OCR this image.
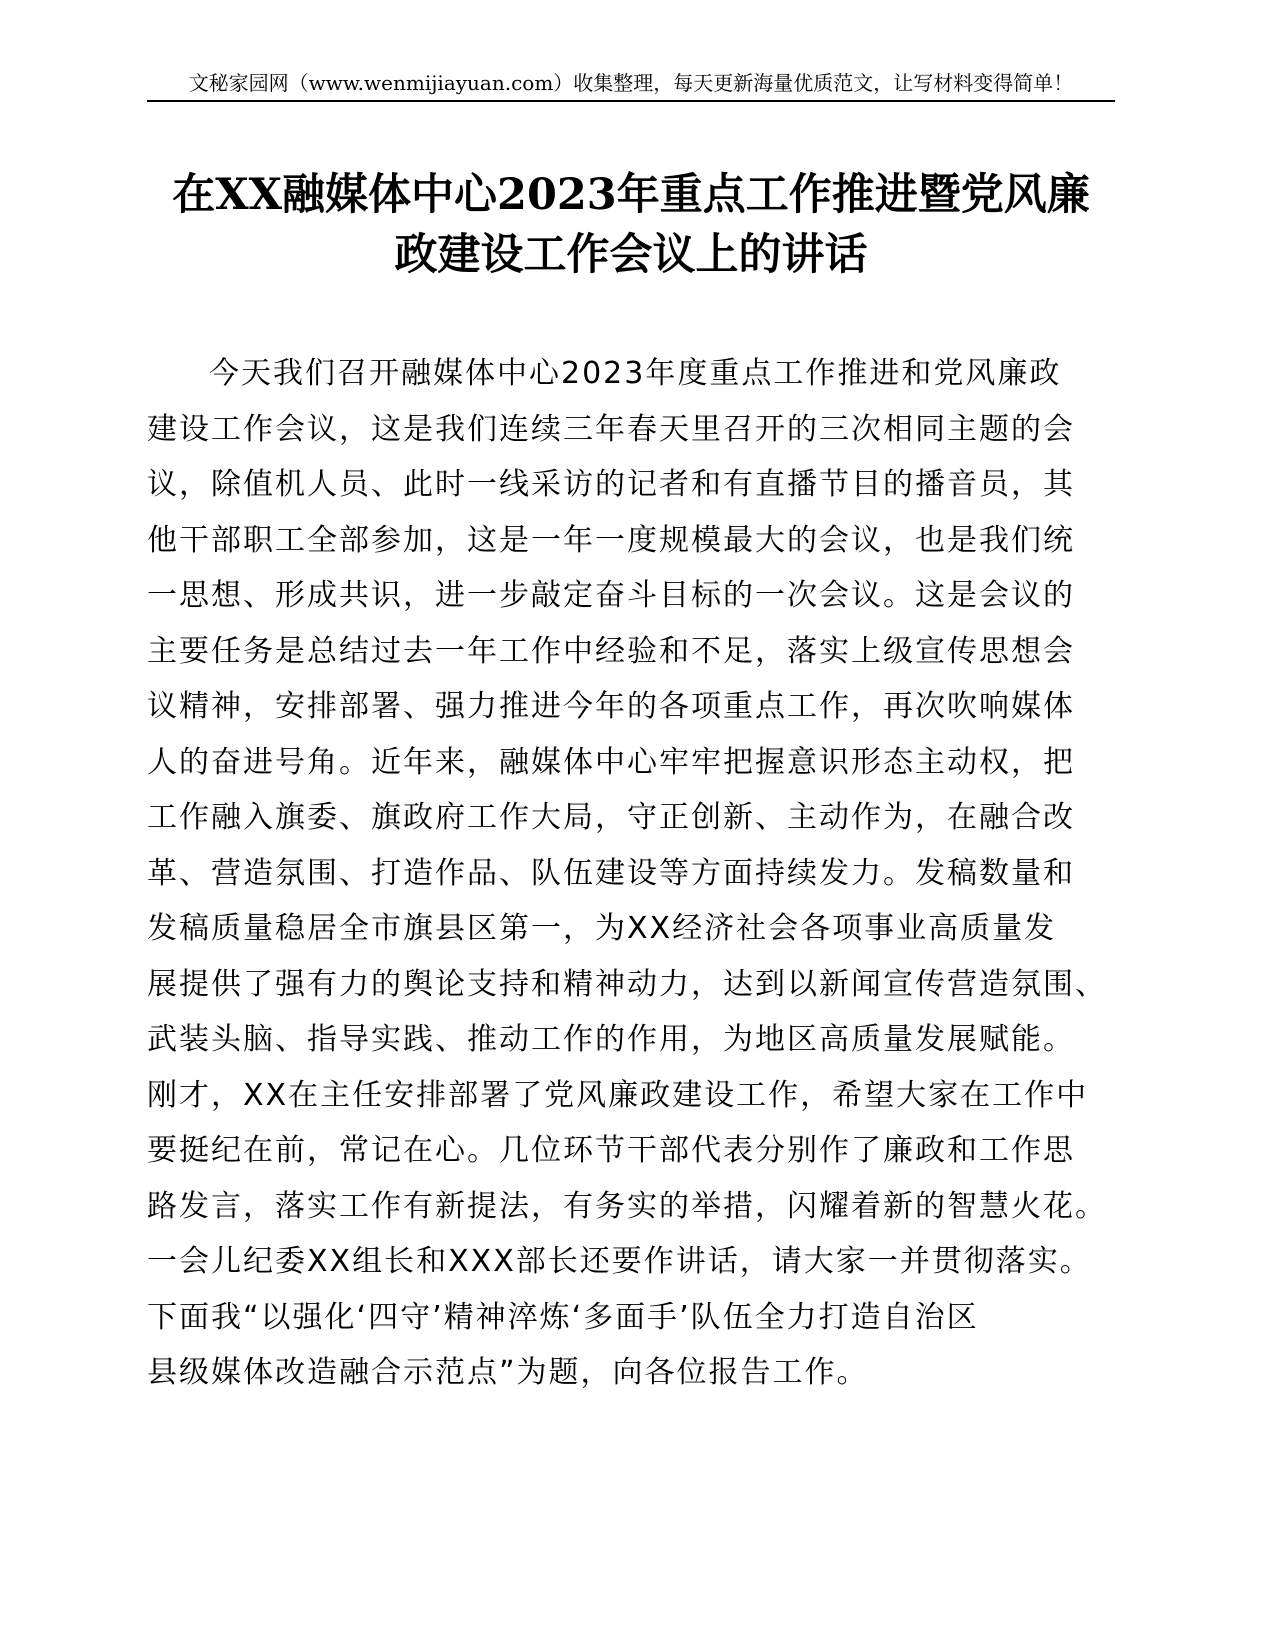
文秘家园网（www.wenmijiayuan.com）收集整理，每天更新海量优质范文，让写材料变得简单！
在XX融媒体中心2023年重点工作推进暨党风廉
政建设工作会议上的讲话
今天我们召开融媒体中心2023年度重点工作推进和党风廉政
建设工作会议，这是我们连续三年春天里召开的三次相同主题的会
议，除值机人员、此时一线采访的记者和有直播节目的播音员，其
他干部职工全部参加，这是一年一度规模最大的会议，也是我们统
一思想、形成共识，进一步敲定奋斗目标的一次会议。这是会议的
主要任务是总结过去一年工作中经验和不足，落实上级宣传思想会
议精神，安排部署、强力推进今年的各项重点工作，再次吹响媒体
人的奋进号角。近年来，融媒体中心牢牢把握意识形态主动权，把
工作融入旗委、旗政府工作大局，守正创新、主动作为，在融合改
革、营造氛围、打造作品、队伍建设等方面持续发力。发稿数量和
发稿质量稳居全市旗县区第一，为XX经济社会各项事业高质量发
展提供了强有力的舆论支持和精神动力，达到以新闻宣传营造氛围、
武装头脑、指导实践、推动工作的作用，为地区高质量发展赋能。
刚才，XX在主任安排部署了党风廉政建设工作，希望大家在工作中
要挺纪在前，常记在心。几位环节干部代表分别作了廉政和工作思
路发言，落实工作有新提法，有务实的举措，闪耀着新的智慧火花。
一会儿纪委XX组长和XXX部长还要作讲话，请大家一并贯彻落实。
下面我“以强化‘四守’精神淬炼‘多面手’队伍全力打造自治区
县级媒体改造融合示范点”为题，向各位报告工作。
